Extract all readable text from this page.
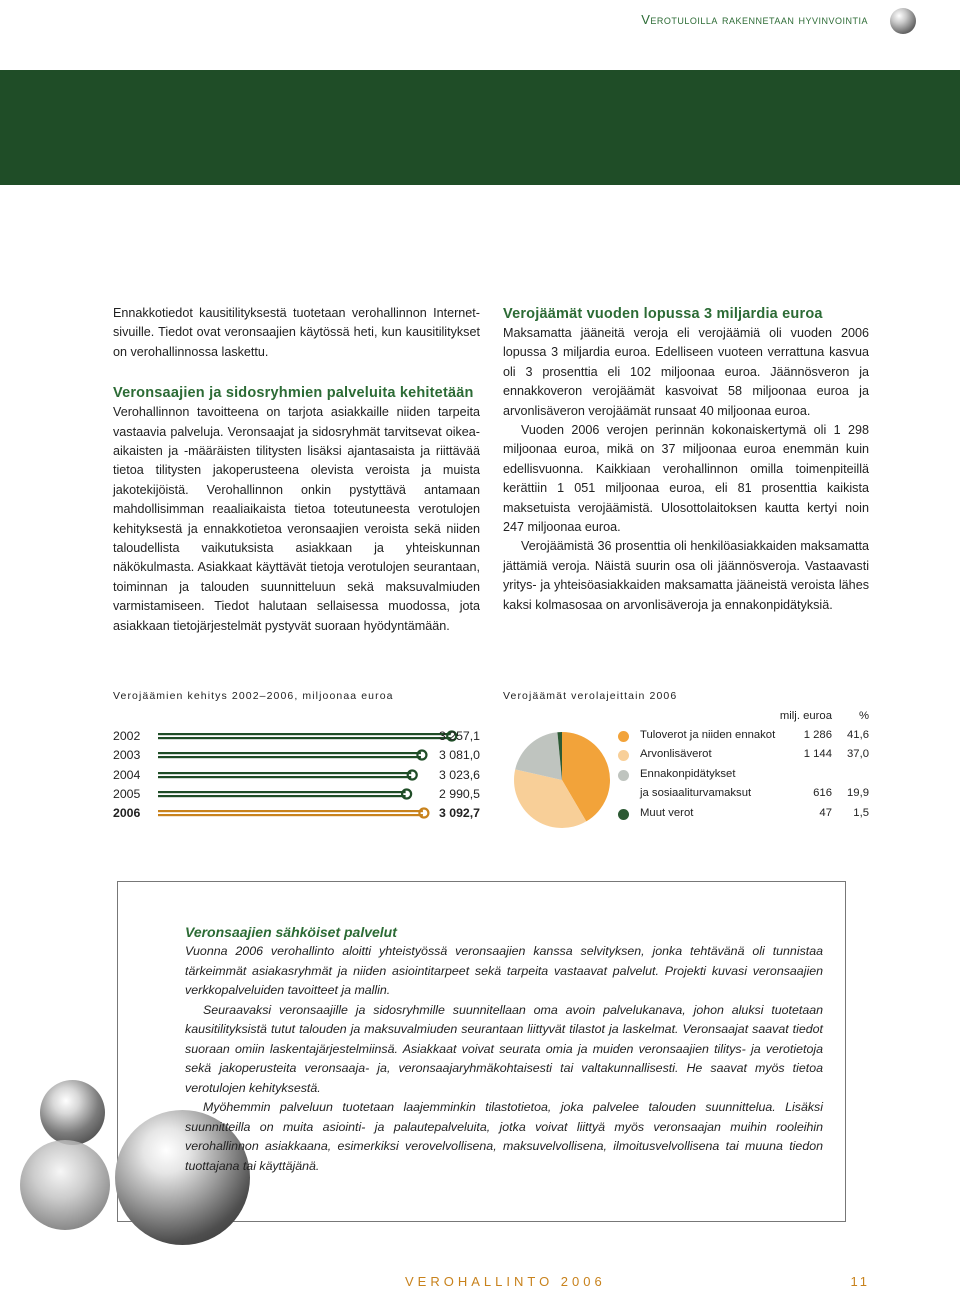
Verotuloilla rakennetaan hyvinvointia

Ennakkotiedot kausitilityksestä tuotetaan verohallinnon Internet-sivuille. Tiedot ovat veronsaajien käytössä heti, kun kausitilitykset on verohallinnossa laskettu.

Veronsaajien ja sidosryhmien palveluita kehitetään

Verohallinnon tavoitteena on tarjota asiakkaille niiden tarpeita vastaavia palveluja. Veronsaajat ja sidosryhmät tarvitsevat oikea-aikaisten ja -määräisten tilitysten lisäksi ajantasaista ja riittävää tietoa tilitysten jakoperusteena olevista veroista ja muista jakotekijöistä. Verohallinnon onkin pystyttävä antamaan mahdollisimman reaaliaikaista tietoa toteutuneesta verotulojen kehityksestä ja ennakkotietoa veronsaajien veroista sekä niiden taloudellista vaikutuksista asiakkaan ja yhteiskunnan näkökulmasta. Asiakkaat käyttävät tietoja verotulojen seurantaan, toiminnan ja talouden suunnitteluun sekä maksuvalmiuden varmistamiseen. Tiedot halutaan sellaisessa muodossa, jota asiakkaan tietojärjestelmät pystyvät suoraan hyödyntämään.

Verojäämät vuoden lopussa 3 miljardia euroa

Maksamatta jääneitä veroja eli verojäämiä oli vuoden 2006 lopussa 3 miljardia euroa. Edelliseen vuoteen verrattuna kasvua oli 3 prosenttia eli 102 miljoonaa euroa. Jäännösveron ja ennakkoveron verojäämät kasvoivat 58 miljoonaa euroa ja arvonlisäveron verojäämät runsaat 40 miljoonaa euroa.

Vuoden 2006 verojen perinnän kokonaiskertymä oli 1 298 miljoonaa euroa, mikä on 37 miljoonaa euroa enemmän kuin edellisvuonna. Kaikkiaan verohallinnon omilla toimenpiteillä kerättiin 1 051 miljoonaa euroa, eli 81 prosenttia kaikista maksetuista verojäämistä. Ulosottolaitoksen kautta kertyi noin 247 miljoonaa euroa.

Verojäämistä 36 prosenttia oli henkilöasiakkaiden maksamatta jättämiä veroja. Näistä suurin osa oli jäännösveroja. Vastaavasti yritys- ja yhteisöasiakkaiden maksamatta jääneistä veroista lähes kaksi kolmasosaa on arvonlisäveroja ja ennakonpidätyksiä.

Verojäämien kehitys 2002–2006, miljoonaa euroa
2002	3 257,1
2003	3 081,0
2004	3 023,6
2005	2 990,5
2006	3 092,7
Verojäämät verolajeittain 2006
milj. euroa %
Tuloverot ja niiden ennakot	1 286 41,6
Arvonlisäverot	1 144 37,0
Ennakonpidätykset
ja sosiaaliturvamaksut	616 19,9
Muut verot	47 1,5

Veronsaajien sähköiset palvelut

Vuonna 2006 verohallinto aloitti yhteistyössä veronsaajien kanssa selvityksen, jonka tehtävänä oli tunnistaa tärkeimmät asiakasryhmät ja niiden asiointitarpeet sekä tarpeita vastaavat palvelut. Projekti kuvasi veronsaajien verkkopalveluiden tavoitteet ja mallin.

Seuraavaksi veronsaajille ja sidosryhmille suunnitellaan oma avoin palvelukanava, johon aluksi tuotetaan kausitilityksistä tutut talouden ja maksuvalmiuden seurantaan liittyvät tilastot ja laskelmat. Veronsaajat saavat tiedot suoraan omiin laskentajärjestelmiinsä. Asiakkaat voivat seurata omia ja muiden veronsaajien tilitys- ja verotietoja sekä jakoperusteita veronsaaja- ja, veronsaajaryhmäkohtaisesti tai valtakunnallisesti. He saavat myös tietoa verotulojen kehityksestä.

Myöhemmin palveluun tuotetaan laajemminkin tilastotietoa, joka palvelee talouden suunnittelua. Lisäksi suunnitteilla on muita asiointi- ja palautepalveluita, jotka voivat liittyä myös veronsaajan muihin rooleihin verohallinnon asiakkaana, esimerkiksi verovelvollisena, maksuvelvollisena, ilmoitusvelvollisena tai muuna tiedon tuottajana tai käyttäjänä.

VEROHALLINTO 2006	11
